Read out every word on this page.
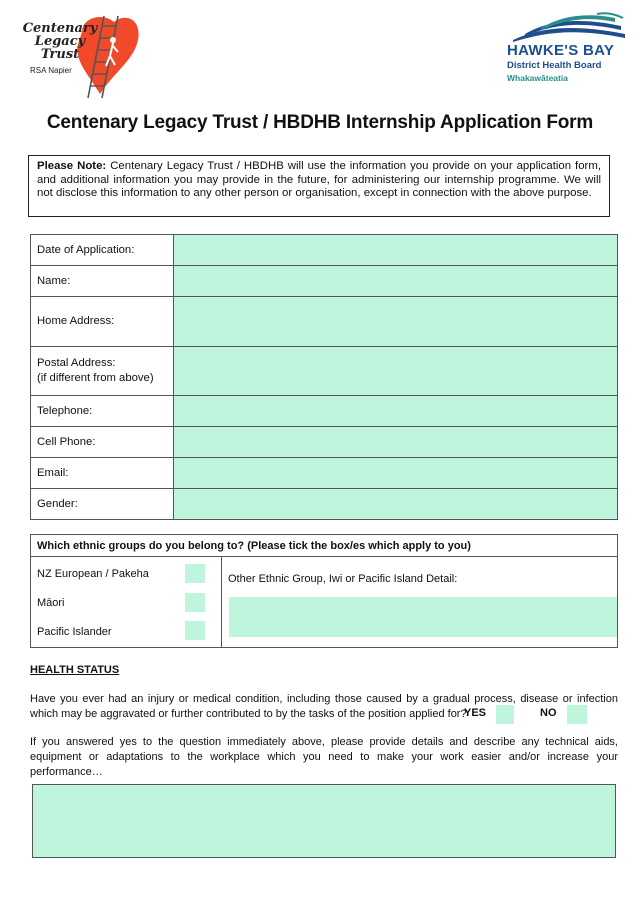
Centenary
Legacy
Trust
RSA Napier
HAWKE'S BAY
District Health Board
Whakawāteatia
Centenary Legacy Trust / HBDHB Internship Application Form
Please Note: Centenary Legacy Trust / HBDHB will use the information you provide on your application form, and additional information you may provide in the future, for administering our internship programme. We will not disclose this information to any other person or organisation, except in connection with the above purpose.
Date of Application:	
Name:	
Home Address:	

Postal Address:
(if different from above)	

Telephone:	
Cell Phone:	
Email:	
Gender:	
Which ethnic groups do you belong to? (Please tick the box/es which apply to you)
NZ European / Pakeha
Māori
Pacific Islander
Other Ethnic Group, Iwi or Pacific Island Detail:
HEALTH STATUS
Have you ever had an injury or medical condition, including those caused by a gradual process, disease or infection which may be aggravated or further contributed to by the tasks of the position applied for?
YES	NO
If you answered yes to the question immediately above, please provide details and describe any technical aids, equipment or adaptations to the workplace which you need to make your work easier and/or increase your performance…
